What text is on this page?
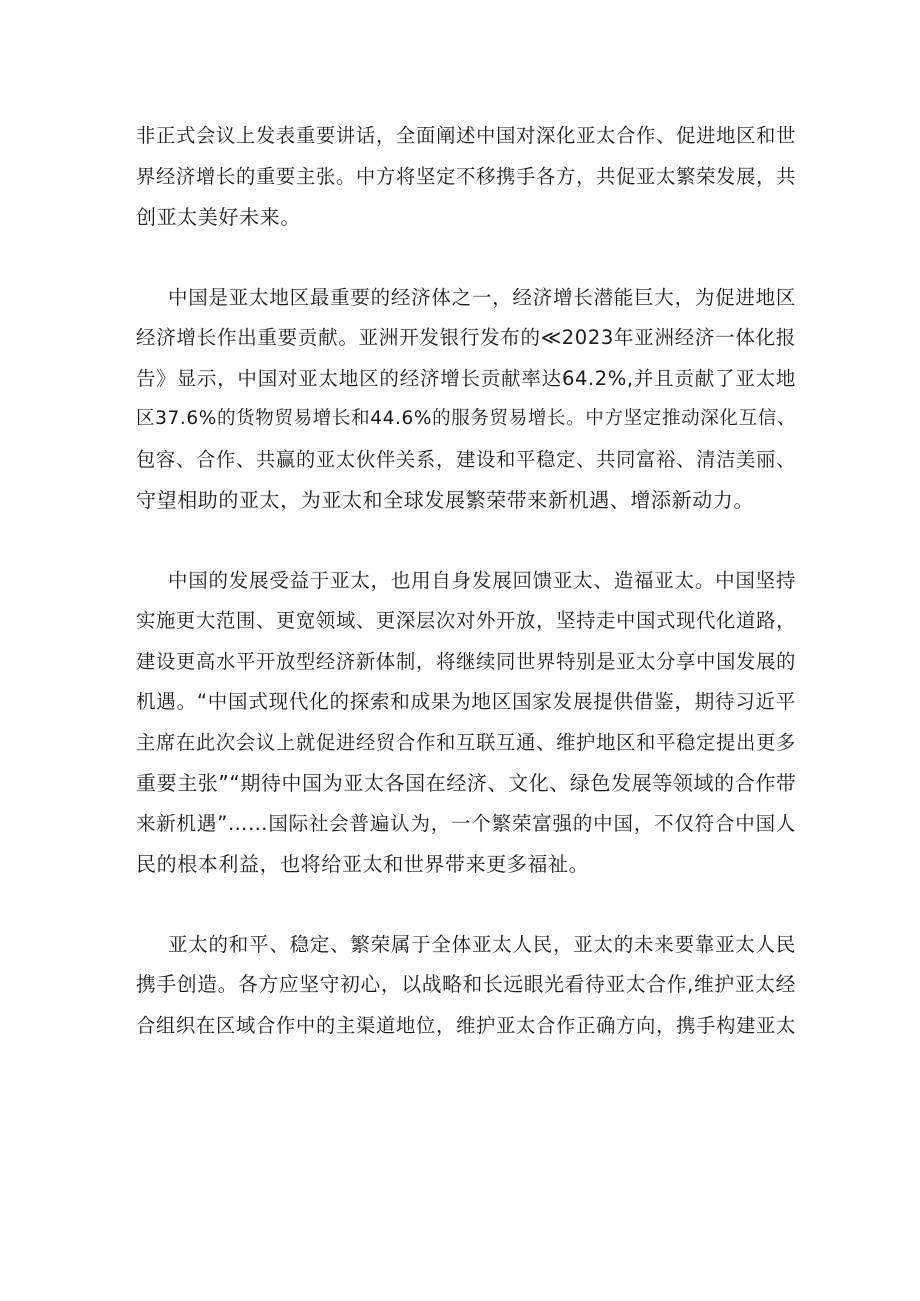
非正式会议上发表重要讲话，全面阐述中国对深化亚太合作、促进地区和世
界经济增长的重要主张。中方将坚定不移携手各方，共促亚太繁荣发展，共
创亚太美好未来。

中国是亚太地区最重要的经济体之一，经济增长潜能巨大，为促进地区
经济增长作出重要贡献。亚洲开发银行发布的≪2023年亚洲经济一体化报
告》显示，中国对亚太地区的经济增长贡献率达64.2%,并且贡献了亚太地
区37.6%的货物贸易增长和44.6%的服务贸易增长。中方坚定推动深化互信、
包容、合作、共赢的亚太伙伴关系，建设和平稳定、共同富裕、清洁美丽、
守望相助的亚太，为亚太和全球发展繁荣带来新机遇、增添新动力。

中国的发展受益于亚太，也用自身发展回馈亚太、造福亚太。中国坚持
实施更大范围、更宽领域、更深层次对外开放，坚持走中国式现代化道路，
建设更高水平开放型经济新体制，将继续同世界特别是亚太分享中国发展的
机遇。“中国式现代化的探索和成果为地区国家发展提供借鉴，期待习近平
主席在此次会议上就促进经贸合作和互联互通、维护地区和平稳定提出更多
重要主张”“期待中国为亚太各国在经济、文化、绿色发展等领域的合作带
来新机遇”……国际社会普遍认为，一个繁荣富强的中国，不仅符合中国人
民的根本利益，也将给亚太和世界带来更多福祉。

亚太的和平、稳定、繁荣属于全体亚太人民，亚太的未来要靠亚太人民
携手创造。各方应坚守初心，以战略和长远眼光看待亚太合作,维护亚太经
合组织在区域合作中的主渠道地位，维护亚太合作正确方向，携手构建亚太
